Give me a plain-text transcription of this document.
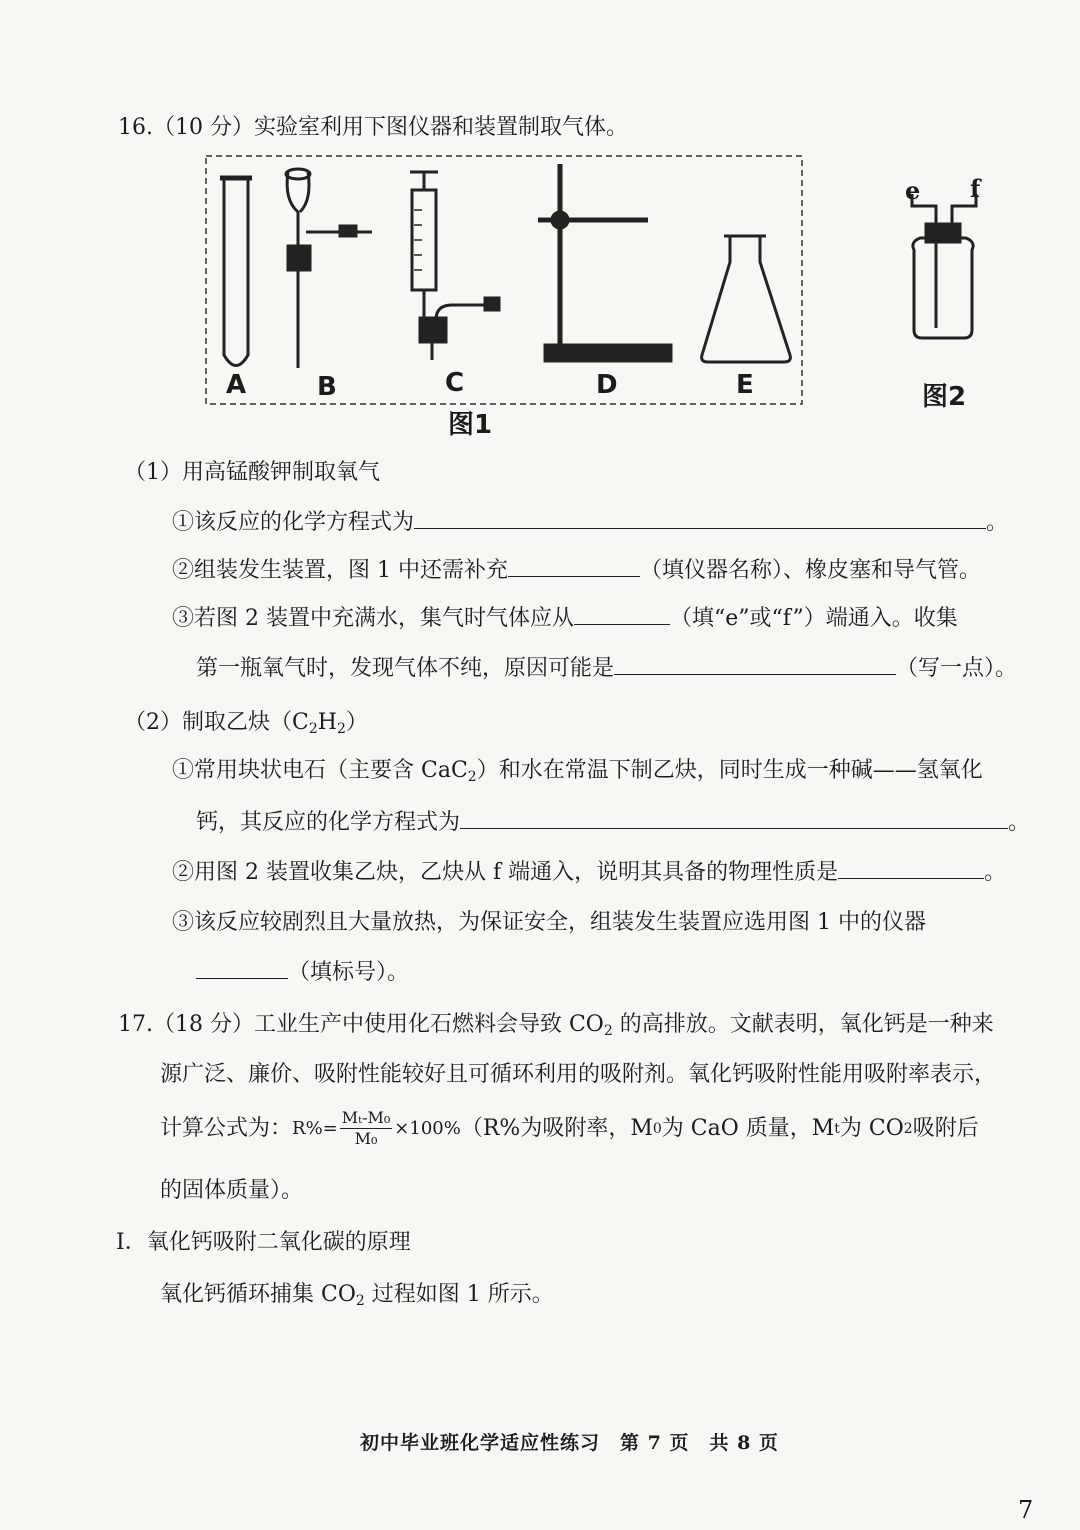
16.（10 分）实验室利用下图仪器和装置制取气体。
A	B	C	D	E
图1
e f
图2
（1）用高锰酸钾制取氧气
①该反应的化学方程式为	。
②组装发生装置，图 1 中还需补充	（填仪器名称）、橡皮塞和导气管。
③若图 2 装置中充满水，集气时气体应从	（填“e”或“f”）端通入。收集
第一瓶氧气时，发现气体不纯，原因可能是	（写一点）。
（2）制取乙炔$(C_2H_2)$
①常用块状电石（主要含 CaC$_2$）和水在常温下制乙炔，同时生成一种碱——氢氧化
钙，其反应的化学方程式为	。
②用图 2 装置收集乙炔，乙炔从 f 端通入，说明其具备的物理性质是	。
③该反应较剧烈且大量放热，为保证安全，组装发生装置应选用图 1 中的仪器
（填标号）。
17.（18 分）工业生产中使用化石燃料会导致 $CO_2$ 的高排放。文献表明，氧化钙是一种来
源广泛、廉价、吸附性能较好且可循环利用的吸附剂。氧化钙吸附性能用吸附率表示，
计算公式为： $R\%= \frac{\text{Mₜ-M₀}}{\text{M₀}} \times 100\%$ （R%为吸附率，M 0 为 CaO 质量，M t 为 CO 2 吸附后
的固体质量）。
Ⅰ．氧化钙吸附二氧化碳的原理
氧化钙循环捕集 $CO_2$ 过程如图 1 所示。
初中毕业班化学适应性练习　第 7 页　共 8 页
7
